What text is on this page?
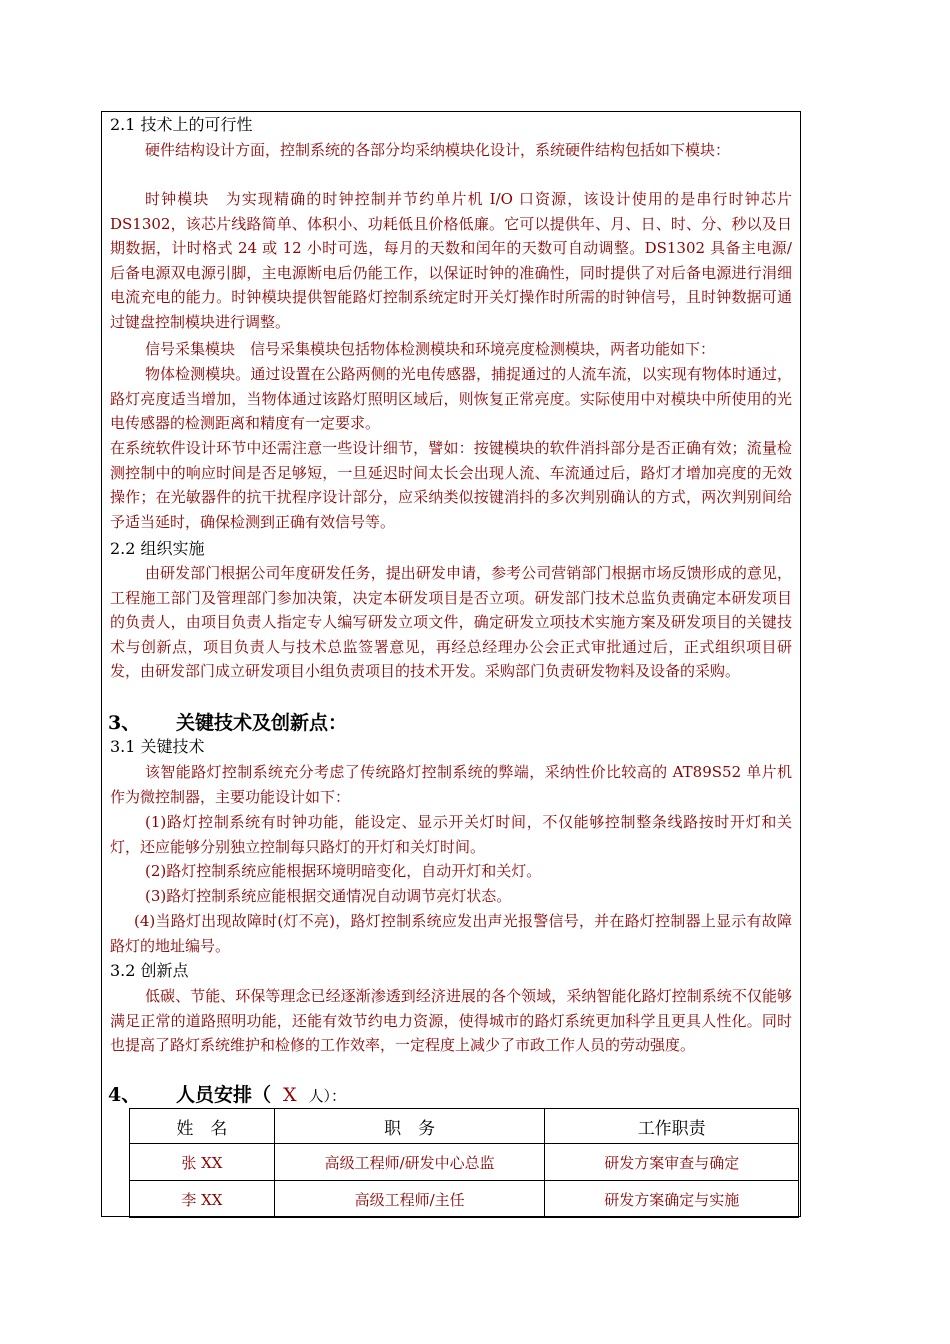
2.1 技术上的可行性
硬件结构设计方面，控制系统的各部分均采纳模块化设计，系统硬件结构包括如下模块：
时钟模块　为实现精确的时钟控制并节约单片机 I/O 口资源，该设计使用的是串行时钟芯片 DS1302，该芯片线路简单、体积小、功耗低且价格低廉。它可以提供年、月、日、时、分、秒以及日期数据，计时格式 24 或 12 小时可选，每月的天数和闰年的天数可自动调整。DS1302 具备主电源/后备电源双电源引脚，主电源断电后仍能工作，以保证时钟的准确性，同时提供了对后备电源进行涓细电流充电的能力。时钟模块提供智能路灯控制系统定时开关灯操作时所需的时钟信号，且时钟数据可通过键盘控制模块进行调整。
信号采集模块　信号采集模块包括物体检测模块和环境亮度检测模块，两者功能如下：
物体检测模块。通过设置在公路两侧的光电传感器，捕捉通过的人流车流，以实现有物体时通过，路灯亮度适当增加，当物体通过该路灯照明区域后，则恢复正常亮度。实际使用中对模块中所使用的光电传感器的检测距离和精度有一定要求。
在系统软件设计环节中还需注意一些设计细节，譬如：按键模块的软件消抖部分是否正确有效；流量检测控制中的响应时间是否足够短，一旦延迟时间太长会出现人流、车流通过后，路灯才增加亮度的无效操作；在光敏器件的抗干扰程序设计部分，应采纳类似按键消抖的多次判别确认的方式，两次判别间给予适当延时，确保检测到正确有效信号等。
2.2 组织实施
由研发部门根据公司年度研发任务，提出研发申请，参考公司营销部门根据市场反馈形成的意见，工程施工部门及管理部门参加决策，决定本研发项目是否立项。研发部门技术总监负责确定本研发项目的负责人，由项目负责人指定专人编写研发立项文件，确定研发立项技术实施方案及研发项目的关键技术与创新点，项目负责人与技术总监签署意见，再经总经理办公会正式审批通过后，正式组织项目研发，由研发部门成立研发项目小组负责项目的技术开发。采购部门负责研发物料及设备的采购。
3、 关键技术及创新点：
3.1 关键技术
该智能路灯控制系统充分考虑了传统路灯控制系统的弊端，采纳性价比较高的 AT89S52 单片机作为微控制器，主要功能设计如下：
(1)路灯控制系统有时钟功能，能设定、显示开关灯时间，不仅能够控制整条线路按时开灯和关灯，还应能够分别独立控制每只路灯的开灯和关灯时间。
(2)路灯控制系统应能根据环境明暗变化，自动开灯和关灯。
(3)路灯控制系统应能根据交通情况自动调节亮灯状态。
(4)当路灯出现故障时(灯不亮)，路灯控制系统应发出声光报警信号，并在路灯控制器上显示有故障路灯的地址编号。
3.2 创新点
低碳、节能、环保等理念已经逐渐渗透到经济进展的各个领域，采纳智能化路灯控制系统不仅能够满足正常的道路照明功能，还能有效节约电力资源，使得城市的路灯系统更加科学且更具人性化。同时也提高了路灯系统维护和检修的工作效率，一定程度上减少了市政工作人员的劳动强度。
4、 人员安排（ X 人）：
姓　名	职　务	工作职责
张 XX	高级工程师/研发中心总监	研发方案审查与确定
李 XX	高级工程师/主任	研发方案确定与实施
